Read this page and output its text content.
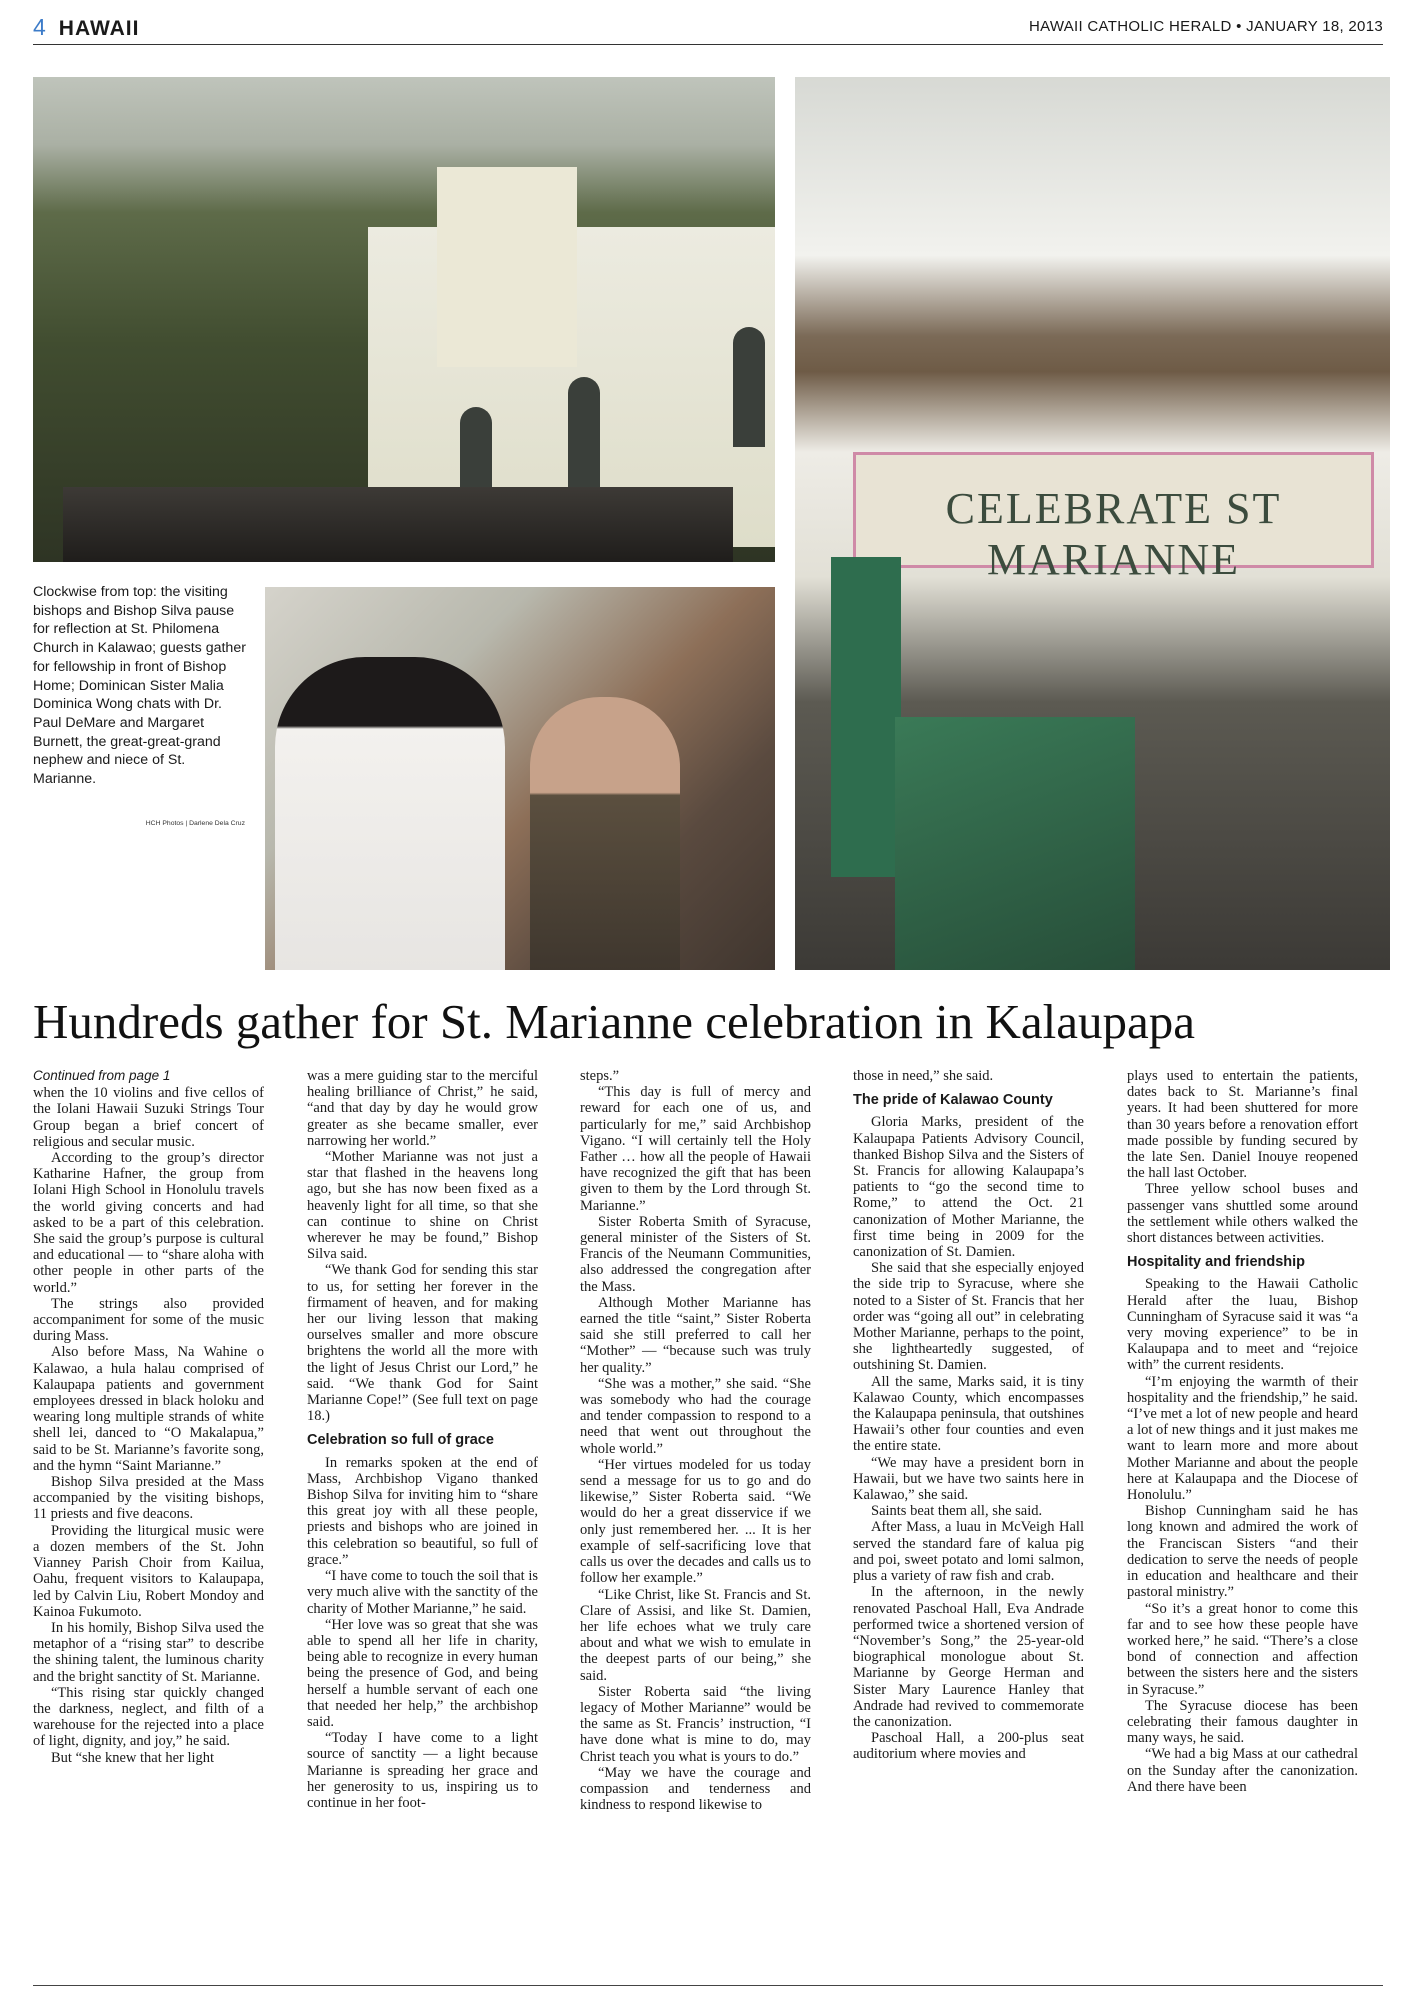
4 HAWAII	HAWAII CATHOLIC HERALD • JANUARY 18, 2013
CELEBRATE ST MARIANNE
Clockwise from top: the visiting bishops and Bishop Silva pause for reflection at St. Philomena Church in Kalawao; guests gather for fellowship in front of Bishop Home; Dominican Sister Malia Dominica Wong chats with Dr. Paul DeMare and Margaret Burnett, the great-great-grand nephew and niece of St. Marianne.
HCH Photos | Darlene Dela Cruz
Hundreds gather for St. Marianne celebration in Kalaupapa

Continued from page 1

when the 10 violins and five cellos of the Iolani Hawaii Suzuki Strings Tour Group began a brief concert of religious and secular music.

According to the group’s director Katharine Hafner, the group from Iolani High School in Honolulu travels the world giving concerts and had asked to be a part of this celebration. She said the group’s purpose is cultural and educational — to “share aloha with other people in other parts of the world.”

The strings also provided accompaniment for some of the music during Mass.

Also before Mass, Na Wahine o Kalawao, a hula halau comprised of Kalaupapa patients and government employees dressed in black holoku and wearing long multiple strands of white shell lei, danced to “O Makalapua,” said to be St. Marianne’s favorite song, and the hymn “Saint Marianne.”

Bishop Silva presided at the Mass accompanied by the visiting bishops, 11 priests and five deacons.

Providing the liturgical music were a dozen members of the St. John Vianney Parish Choir from Kailua, Oahu, frequent visitors to Kalaupapa, led by Calvin Liu, Robert Mondoy and Kainoa Fukumoto.

In his homily, Bishop Silva used the metaphor of a “rising star” to describe the shining talent, the luminous charity and the bright sanctity of St. Marianne.

“This rising star quickly changed the darkness, neglect, and filth of a warehouse for the rejected into a place of light, dignity, and joy,” he said.

But “she knew that her light

was a mere guiding star to the merciful healing brilliance of Christ,” he said, “and that day by day he would grow greater as she became smaller, ever narrowing her world.”

“Mother Marianne was not just a star that flashed in the heavens long ago, but she has now been fixed as a heavenly light for all time, so that she can continue to shine on Christ wherever he may be found,” Bishop Silva said.

“We thank God for sending this star to us, for setting her forever in the firmament of heaven, and for making her our living lesson that making ourselves smaller and more obscure brightens the world all the more with the light of Jesus Christ our Lord,” he said. “We thank God for Saint Marianne Cope!” (See full text on page 18.)

Celebration so full of grace

In remarks spoken at the end of Mass, Archbishop Vigano thanked Bishop Silva for inviting him to “share this great joy with all these people, priests and bishops who are joined in this celebration so beautiful, so full of grace.”

“I have come to touch the soil that is very much alive with the sanctity of the charity of Mother Marianne,” he said.

“Her love was so great that she was able to spend all her life in charity, being able to recognize in every human being the presence of God, and being herself a humble servant of each one that needed her help,” the archbishop said.

“Today I have come to a light source of sanctity — a light because Marianne is spreading her grace and her generosity to us, inspiring us to continue in her foot-

steps.”

“This day is full of mercy and reward for each one of us, and particularly for me,” said Archbishop Vigano. “I will certainly tell the Holy Father … how all the people of Hawaii have recognized the gift that has been given to them by the Lord through St. Marianne.”

Sister Roberta Smith of Syracuse, general minister of the Sisters of St. Francis of the Neumann Communities, also addressed the congregation after the Mass.

Although Mother Marianne has earned the title “saint,” Sister Roberta said she still preferred to call her “Mother” — “because such was truly her quality.”

“She was a mother,” she said. “She was somebody who had the courage and tender compassion to respond to a need that went out throughout the whole world.”

“Her virtues modeled for us today send a message for us to go and do likewise,” Sister Roberta said. “We would do her a great disservice if we only just remembered her. ... It is her example of self-sacrificing love that calls us over the decades and calls us to follow her example.”

“Like Christ, like St. Francis and St. Clare of Assisi, and like St. Damien, her life echoes what we truly care about and what we wish to emulate in the deepest parts of our being,” she said.

Sister Roberta said “the living legacy of Mother Marianne” would be the same as St. Francis’ instruction, “I have done what is mine to do, may Christ teach you what is yours to do.”

“May we have the courage and compassion and tenderness and kindness to respond likewise to

those in need,” she said.

The pride of Kalawao County

Gloria Marks, president of the Kalaupapa Patients Advisory Council, thanked Bishop Silva and the Sisters of St. Francis for allowing Kalaupapa’s patients to “go the second time to Rome,” to attend the Oct. 21 canonization of Mother Marianne, the first time being in 2009 for the canonization of St. Damien.

She said that she especially enjoyed the side trip to Syracuse, where she noted to a Sister of St. Francis that her order was “going all out” in celebrating Mother Marianne, perhaps to the point, she lightheartedly suggested, of outshining St. Damien.

All the same, Marks said, it is tiny Kalawao County, which encompasses the Kalaupapa peninsula, that outshines Hawaii’s other four counties and even the entire state.

“We may have a president born in Hawaii, but we have two saints here in Kalawao,” she said.

Saints beat them all, she said.

After Mass, a luau in McVeigh Hall served the standard fare of kalua pig and poi, sweet potato and lomi salmon, plus a variety of raw fish and crab.

In the afternoon, in the newly renovated Paschoal Hall, Eva Andrade performed twice a shortened version of “November’s Song,” the 25-year-old biographical monologue about St. Marianne by George Herman and Sister Mary Laurence Hanley that Andrade had revived to commemorate the canonization.

Paschoal Hall, a 200-plus seat auditorium where movies and

plays used to entertain the patients, dates back to St. Marianne’s final years. It had been shuttered for more than 30 years before a renovation effort made possible by funding secured by the late Sen. Daniel Inouye reopened the hall last October.

Three yellow school buses and passenger vans shuttled some around the settlement while others walked the short distances between activities.

Hospitality and friendship

Speaking to the Hawaii Catholic Herald after the luau, Bishop Cunningham of Syracuse said it was “a very moving experience” to be in Kalaupapa and to meet and “rejoice with” the current residents.

“I’m enjoying the warmth of their hospitality and the friendship,” he said. “I’ve met a lot of new people and heard a lot of new things and it just makes me want to learn more and more about Mother Marianne and about the people here at Kalaupapa and the Diocese of Honolulu.”

Bishop Cunningham said he has long known and admired the work of the Franciscan Sisters “and their dedication to serve the needs of people in education and healthcare and their pastoral ministry.”

“So it’s a great honor to come this far and to see how these people have worked here,” he said. “There’s a close bond of connection and affection between the sisters here and the sisters in Syracuse.”

The Syracuse diocese has been celebrating their famous daughter in many ways, he said.

“We had a big Mass at our cathedral on the Sunday after the canonization. And there have been
